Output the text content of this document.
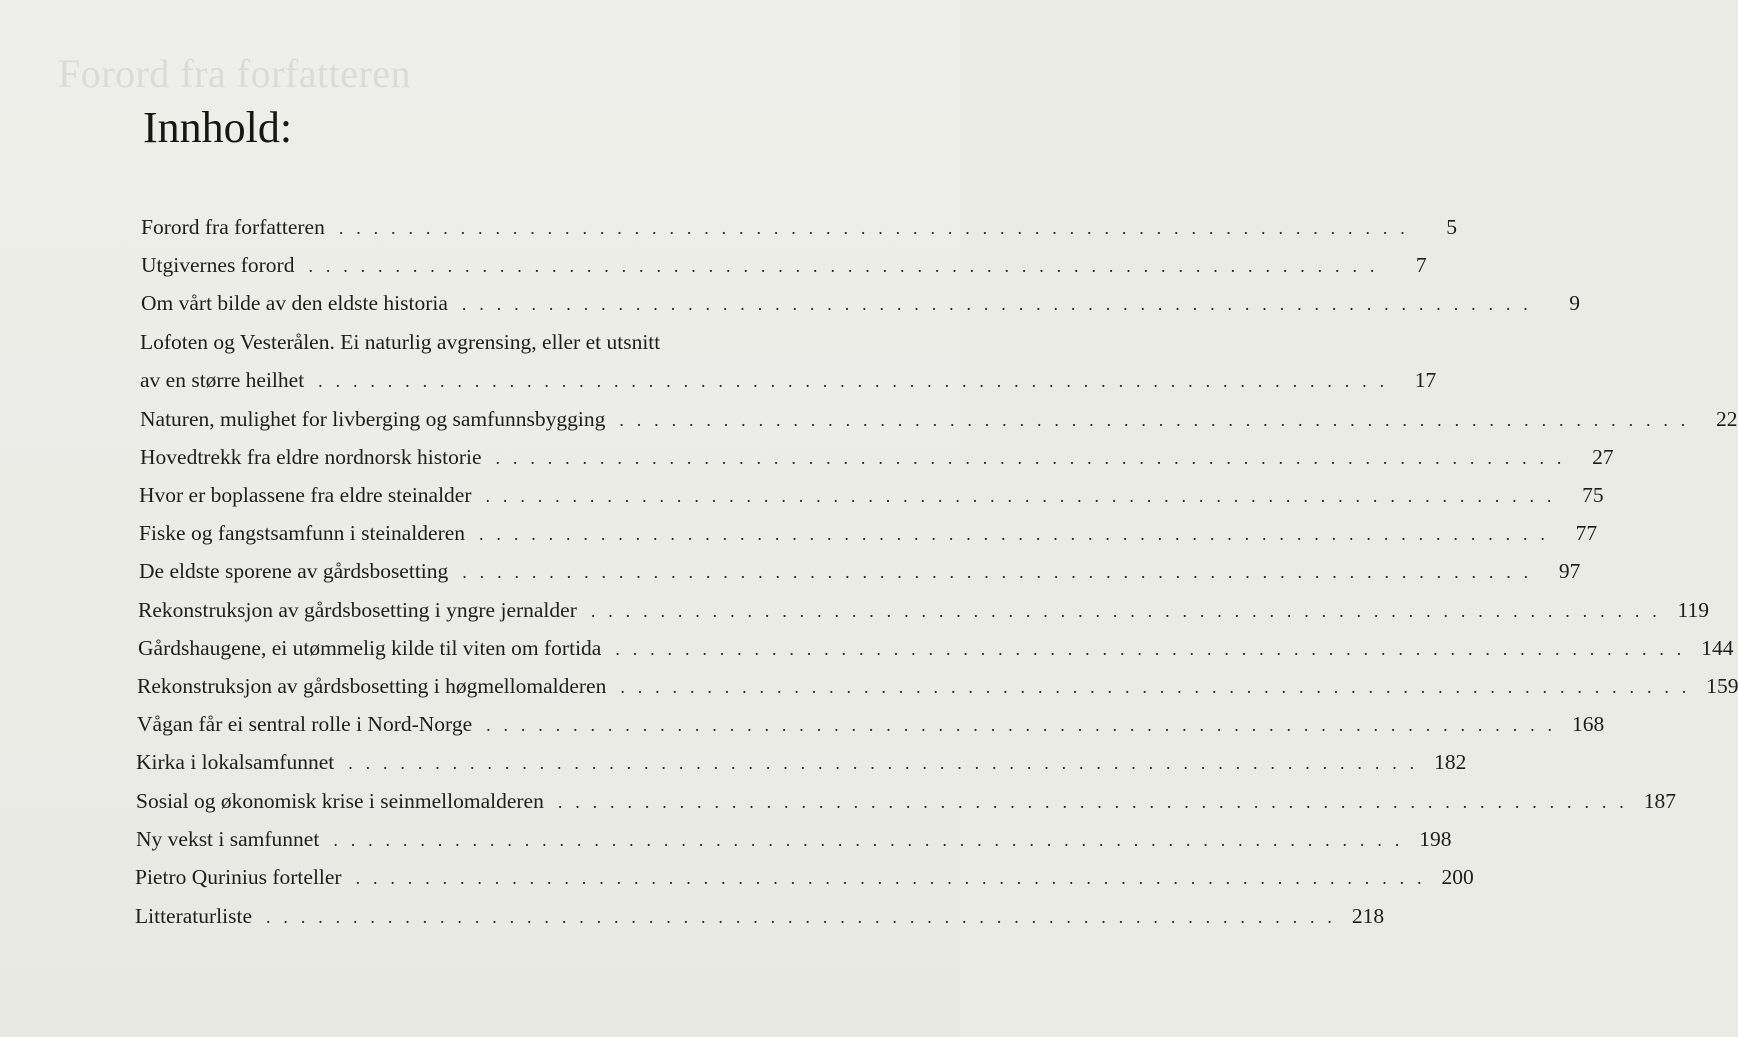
Forord fra forfatteren
Innhold:
Forord fra forfatteren . . . . . . . . . . . . . . . . . . . . . . . . . . . . . . . . . . . . . . . . . . . . . . . . . . . . . . . . . . . . . .	5
Utgivernes forord . . . . . . . . . . . . . . . . . . . . . . . . . . . . . . . . . . . . . . . . . . . . . . . . . . . . . . . . . . . . . .	7
Om vårt bilde av den eldste historia . . . . . . . . . . . . . . . . . . . . . . . . . . . . . . . . . . . . . . . . . . . . . . . . . . . . . . . . . . . . . .	9
Lofoten og Vesterålen. Ei naturlig avgrensing, eller et utsnitt
av en større heilhet . . . . . . . . . . . . . . . . . . . . . . . . . . . . . . . . . . . . . . . . . . . . . . . . . . . . . . . . . . . . . .	17
Naturen, mulighet for livberging og samfunnsbygging . . . . . . . . . . . . . . . . . . . . . . . . . . . . . . . . . . . . . . . . . . . . . . . . . . . . . . . . . . . . . .	22
Hovedtrekk fra eldre nordnorsk historie . . . . . . . . . . . . . . . . . . . . . . . . . . . . . . . . . . . . . . . . . . . . . . . . . . . . . . . . . . . . . .	27
Hvor er boplassene fra eldre steinalder . . . . . . . . . . . . . . . . . . . . . . . . . . . . . . . . . . . . . . . . . . . . . . . . . . . . . . . . . . . . . .	75
Fiske og fangstsamfunn i steinalderen . . . . . . . . . . . . . . . . . . . . . . . . . . . . . . . . . . . . . . . . . . . . . . . . . . . . . . . . . . . . . .	77
De eldste sporene av gårdsbosetting . . . . . . . . . . . . . . . . . . . . . . . . . . . . . . . . . . . . . . . . . . . . . . . . . . . . . . . . . . . . . .	97
Rekonstruksjon av gårdsbosetting i yngre jernalder . . . . . . . . . . . . . . . . . . . . . . . . . . . . . . . . . . . . . . . . . . . . . . . . . . . . . . . . . . . . . . 119
Gårdshaugene, ei utømmelig kilde til viten om fortida . . . . . . . . . . . . . . . . . . . . . . . . . . . . . . . . . . . . . . . . . . . . . . . . . . . . . . . . . . . . . . 144
Rekonstruksjon av gårdsbosetting i høgmellomalderen . . . . . . . . . . . . . . . . . . . . . . . . . . . . . . . . . . . . . . . . . . . . . . . . . . . . . . . . . . . . . . 159
Vågan får ei sentral rolle i Nord-Norge . . . . . . . . . . . . . . . . . . . . . . . . . . . . . . . . . . . . . . . . . . . . . . . . . . . . . . . . . . . . . . 168
Kirka i lokalsamfunnet . . . . . . . . . . . . . . . . . . . . . . . . . . . . . . . . . . . . . . . . . . . . . . . . . . . . . . . . . . . . . . 182
Sosial og økonomisk krise i seinmellomalderen . . . . . . . . . . . . . . . . . . . . . . . . . . . . . . . . . . . . . . . . . . . . . . . . . . . . . . . . . . . . . . 187
Ny vekst i samfunnet . . . . . . . . . . . . . . . . . . . . . . . . . . . . . . . . . . . . . . . . . . . . . . . . . . . . . . . . . . . . . . 198
Pietro Qurinius forteller . . . . . . . . . . . . . . . . . . . . . . . . . . . . . . . . . . . . . . . . . . . . . . . . . . . . . . . . . . . . . . 200
Litteraturliste . . . . . . . . . . . . . . . . . . . . . . . . . . . . . . . . . . . . . . . . . . . . . . . . . . . . . . . . . . . . . . 218
